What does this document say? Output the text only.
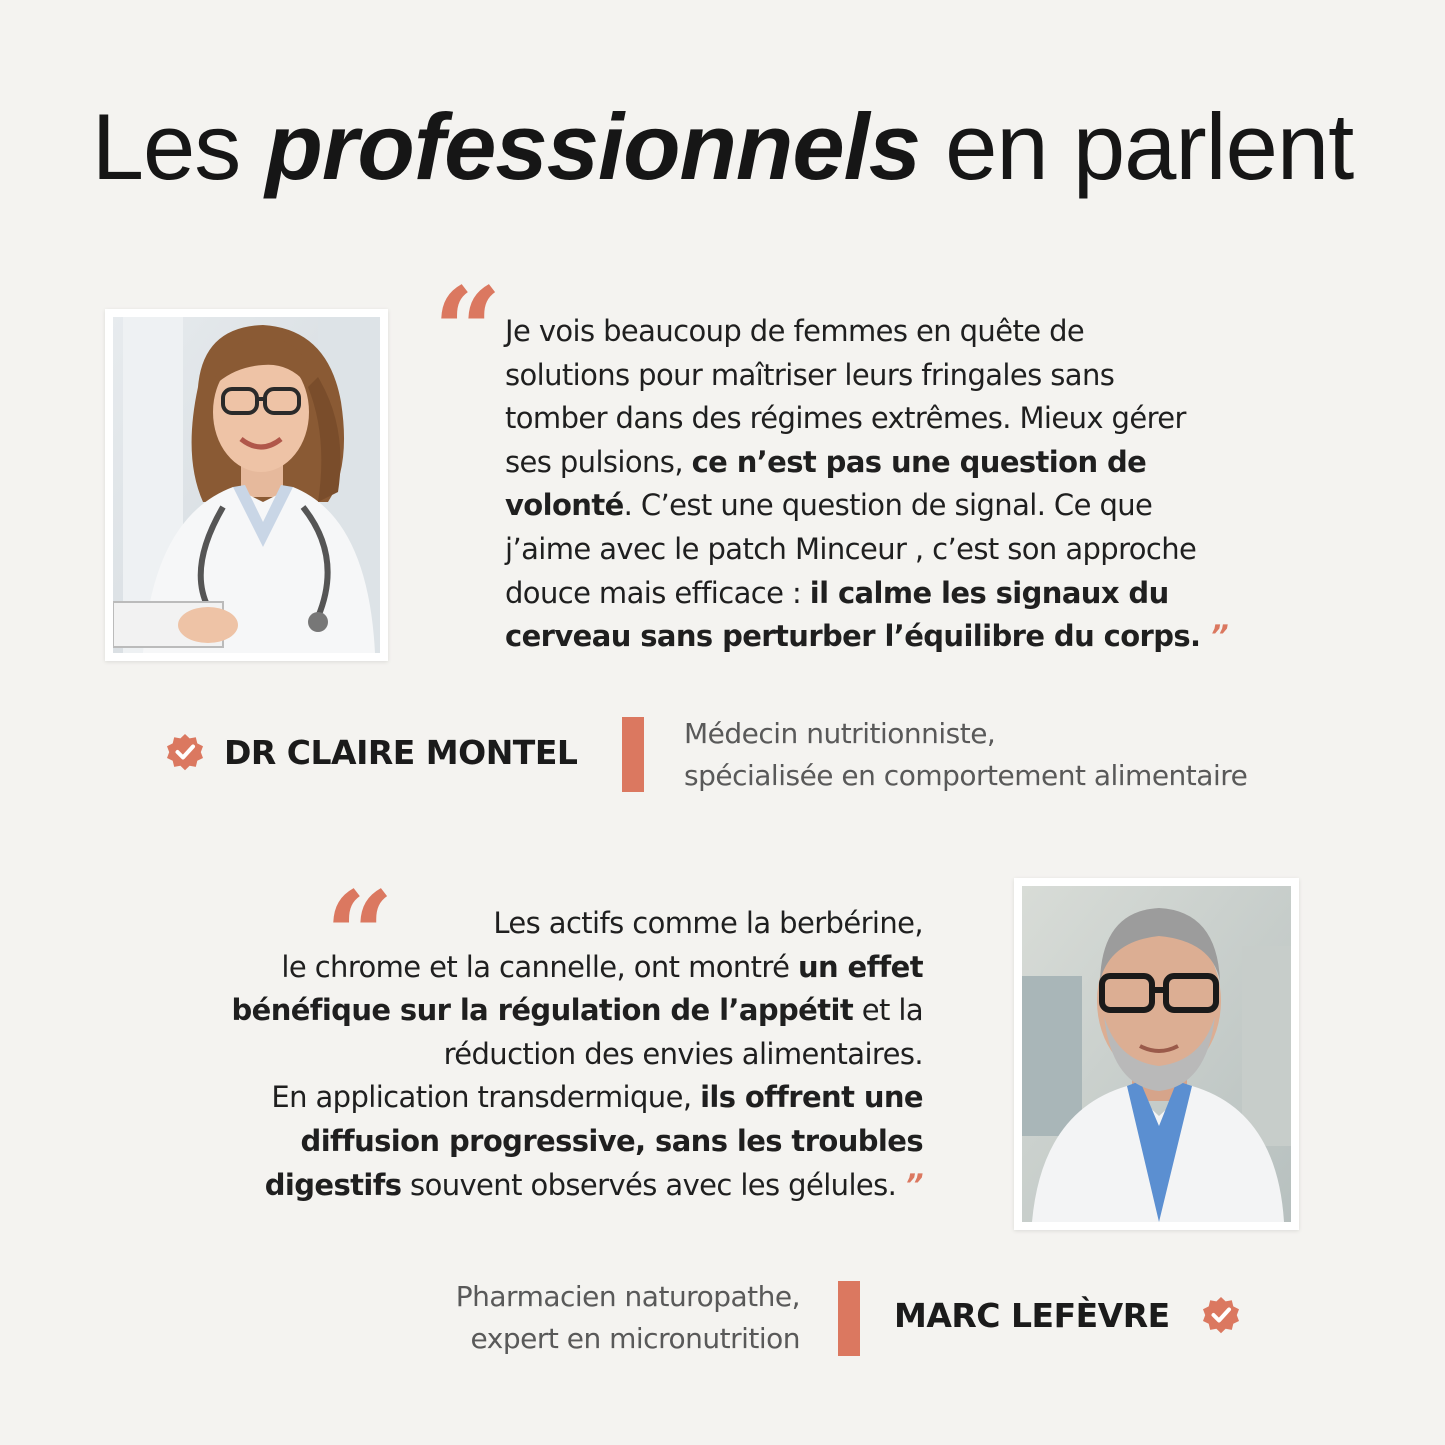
Les professionnels en parlent
“ Je vois beaucoup de femmes en quête de
solutions pour maîtriser leurs fringales sans
tomber dans des régimes extrêmes. Mieux gérer
ses pulsions, ce n’est pas une question de
volonté. C’est une question de signal. Ce que
j’aime avec le patch Minceur , c’est son approche
douce mais efficace : il calme les signaux du
cerveau sans perturber l’équilibre du corps. ”
DR CLAIRE MONTEL	Médecin nutritionniste,
spécialisée en comportement alimentaire
“	Les actifs comme la berbérine,
le chrome et la cannelle, ont montré un effet
bénéfique sur la régulation de l’appétit et la
réduction des envies alimentaires.
En application transdermique, ils offrent une
diffusion progressive, sans les troubles
digestifs souvent observés avec les gélules. ”
Pharmacien naturopathe,
expert en micronutrition
MARC LEFÈVRE
